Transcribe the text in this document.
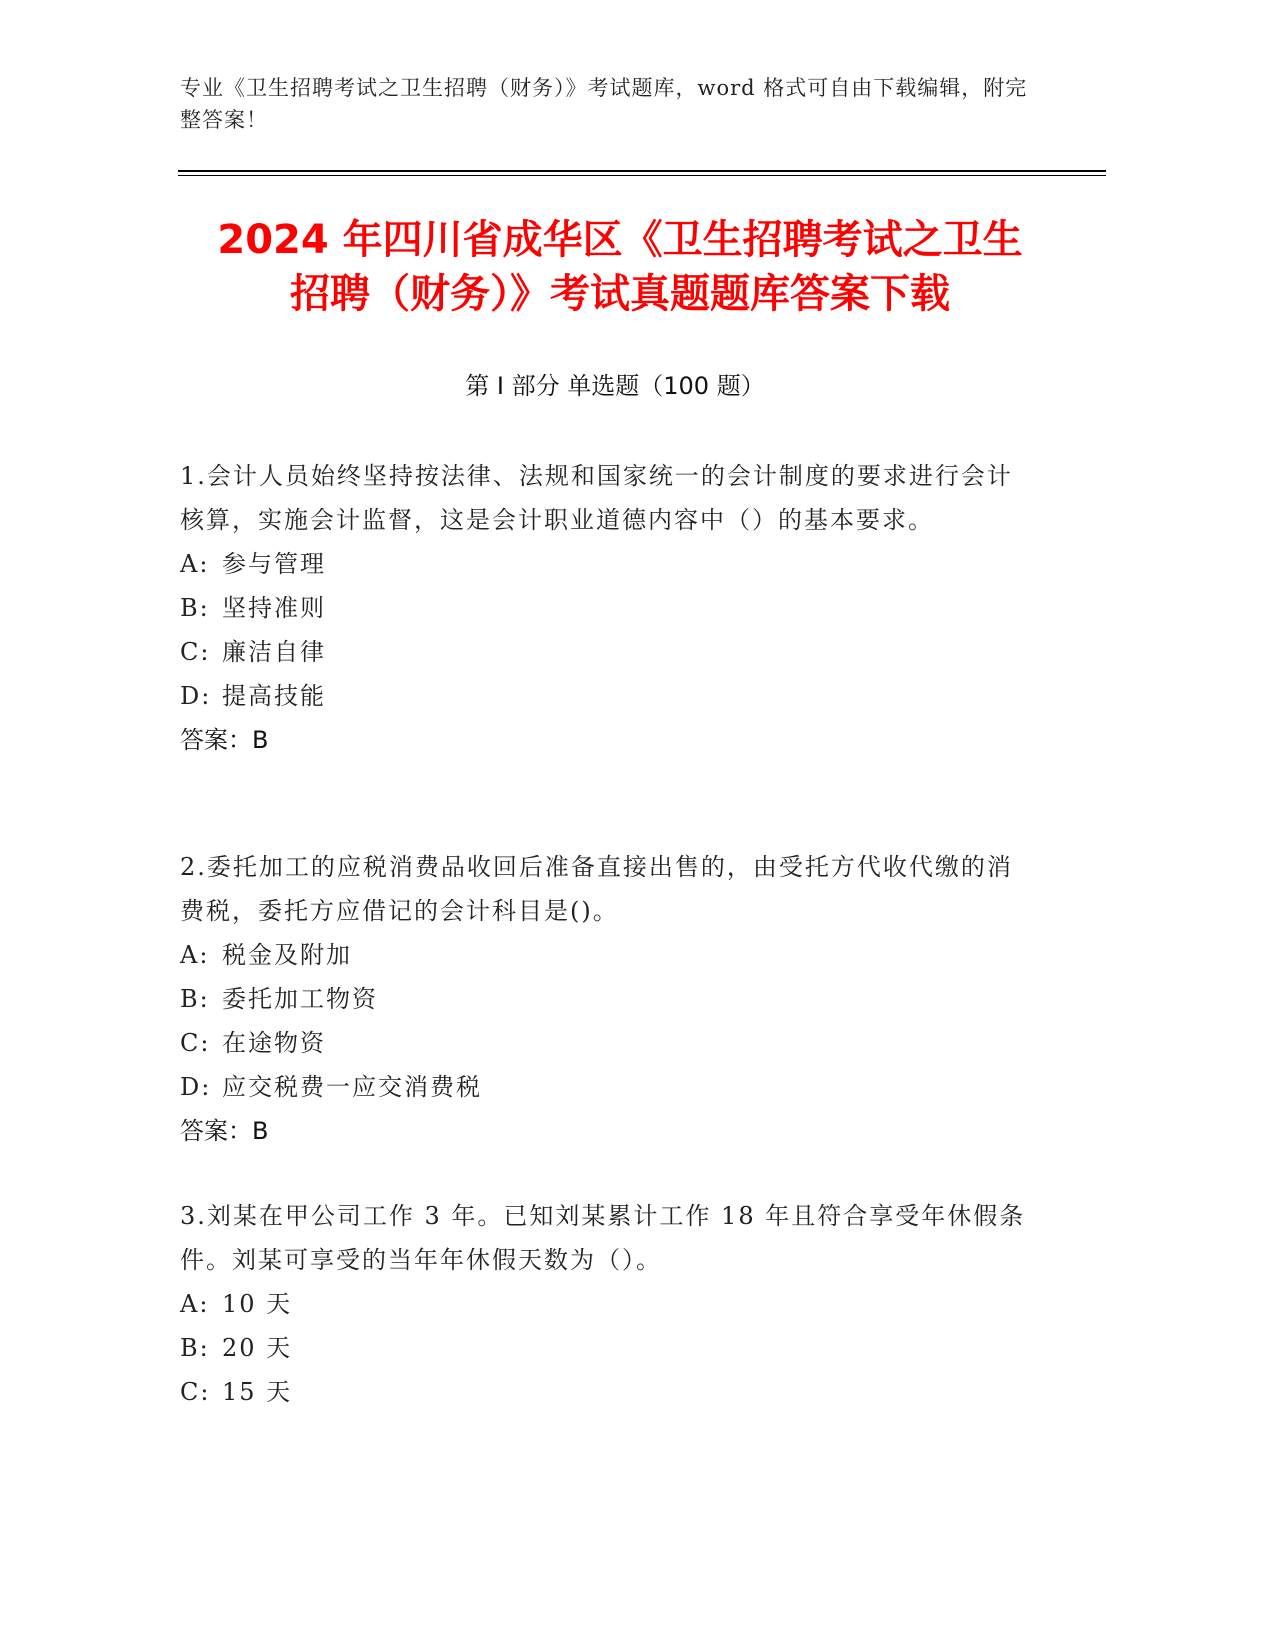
专业《卫生招聘考试之卫生招聘（财务）》考试题库，word 格式可自由下载编辑，附完整答案！
2024 年四川省成华区《卫生招聘考试之卫生
招聘（财务）》考试真题题库答案下载
第 I 部分 单选题（100 题）
1.会计人员始终坚持按法律、法规和国家统一的会计制度的要求进行会计核算，实施会计监督，这是会计职业道德内容中（）的基本要求。
A: 参与管理
B: 坚持准则
C: 廉洁自律
D: 提高技能
答案：B
2.委托加工的应税消费品收回后准备直接出售的，由受托方代收代缴的消费税，委托方应借记的会计科目是()。
A: 税金及附加
B: 委托加工物资
C: 在途物资
D: 应交税费一应交消费税
答案：B
3.刘某在甲公司工作 3 年。已知刘某累计工作 18 年且符合享受年休假条件。刘某可享受的当年年休假天数为（）。
A: 10 天
B: 20 天
C: 15 天
